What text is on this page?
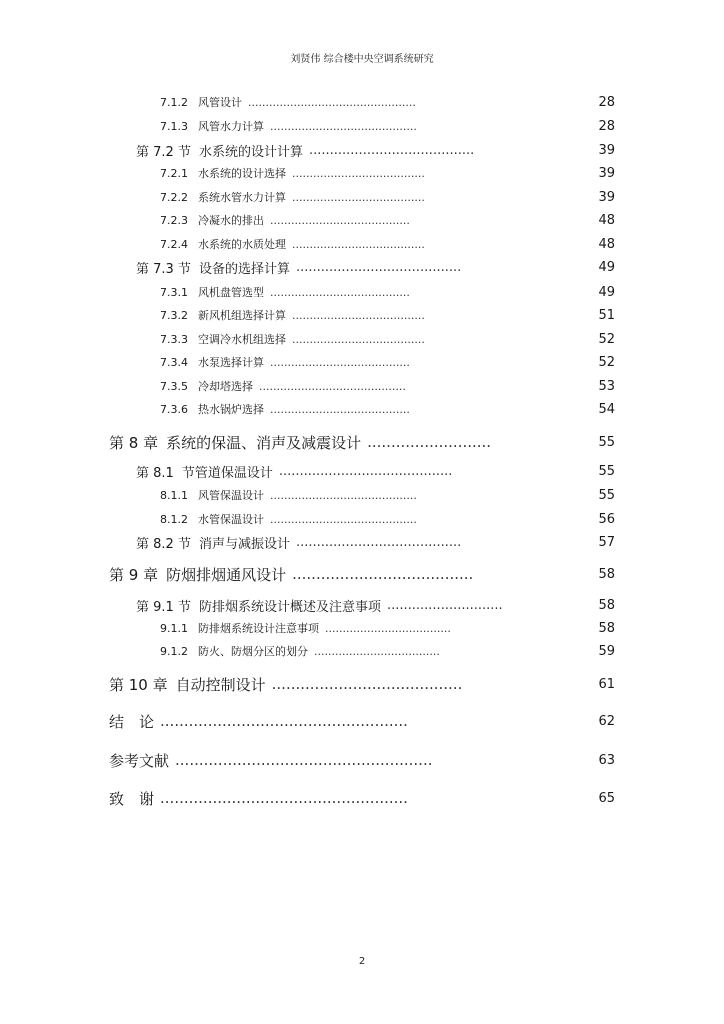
刘贤伟 综合楼中央空调系统研究
7.1.2 风管设计 ................................................	28
7.1.3 风管水力计算 ..........................................	28
第 7.2 节 水系统的设计计算 ........................................	39
7.2.1 水系统的设计选择 ......................................	39
7.2.2 系统水管水力计算 ......................................	39
7.2.3 冷凝水的排出 ........................................	48
7.2.4 水系统的水质处理 ......................................	48
第 7.3 节 设备的选择计算 ........................................	49
7.3.1 风机盘管选型 ........................................	49
7.3.2 新风机组选择计算 ......................................	51
7.3.3 空调冷水机组选择 ......................................	52
7.3.4 水泵选择计算 ........................................	52
7.3.5 冷却塔选择 ..........................................	53
7.3.6 热水锅炉选择 ........................................	54
第 8 章 系统的保温、消声及减震设计 ..........................	55
第 8.1 节管道保温设计 ..........................................	55
8.1.1 风管保温设计 ..........................................	55
8.1.2 水管保温设计 ..........................................	56
第 8.2 节 消声与减振设计 ........................................	57
第 9 章 防烟排烟通风设计 ......................................	58
第 9.1 节 防排烟系统设计概述及注意事项 ............................	58
9.1.1 防排烟系统设计注意事项 ....................................	58
9.1.2 防火、防烟分区的划分 ....................................	59
第 10 章 自动控制设计 ........................................	61
结　论 ....................................................	62
参考文献 ......................................................	63
致　谢 ....................................................	65
2
